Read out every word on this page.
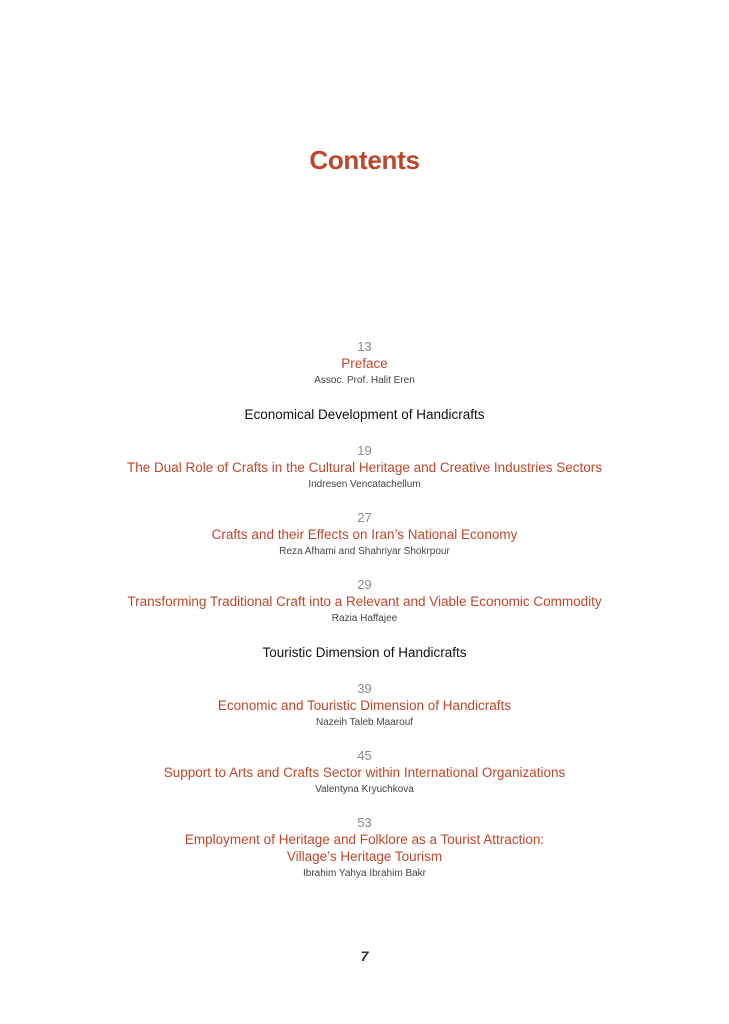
Contents
13
Preface
Assoc. Prof. Halit Eren
Economical Development of Handicrafts
19
The Dual Role of Crafts in the Cultural Heritage and Creative Industries Sectors
Indresen Vencatachellum
27
Crafts and their Effects on Iran’s National Economy
Reza Afhami and Shahriyar Shokrpour
29
Transforming Traditional Craft into a Relevant and Viable Economic Commodity
Razia Haffajee
Touristic Dimension of Handicrafts
39
Economic and Touristic Dimension of Handicrafts
Nazeih Taleb Maarouf
45
Support to Arts and Crafts Sector within International Organizations
Valentyna Kryuchkova
53
Employment of Heritage and Folklore as a Tourist Attraction:
Village’s Heritage Tourism
Ibrahim Yahya Ibrahim Bakr
7
